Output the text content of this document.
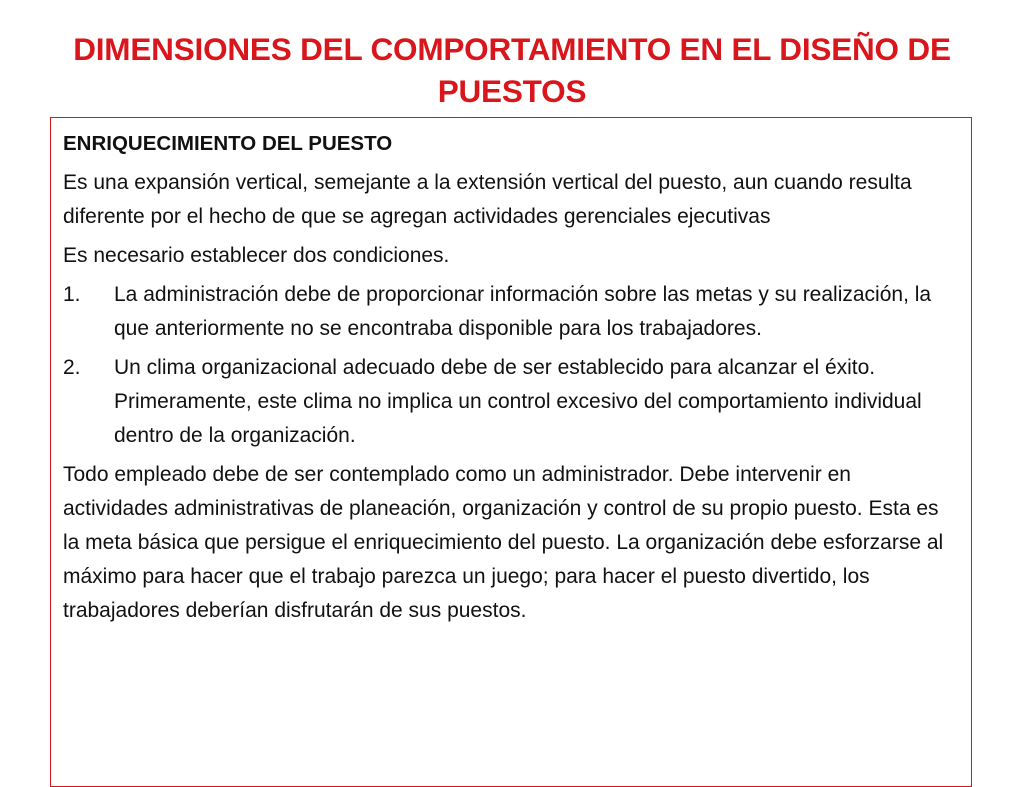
DIMENSIONES DEL COMPORTAMIENTO EN EL DISEÑO DE PUESTOS

ENRIQUECIMIENTO DEL PUESTO

Es una expansión vertical, semejante a la extensión vertical del puesto, aun cuando resulta diferente por el hecho de que se agregan actividades gerenciales ejecutivas

Es necesario establecer dos condiciones.

1.	La administración debe de proporcionar información sobre las metas y su realización, la que anteriormente no se encontraba disponible para los trabajadores.
2.	Un clima organizacional adecuado debe de ser establecido para alcanzar el éxito. Primeramente, este clima no implica un control excesivo del comportamiento individual dentro de la organización.

Todo empleado debe de ser contemplado como un administrador. Debe intervenir en actividades administrativas de planeación, organización y control de su propio puesto. Esta es la meta básica que persigue el enriquecimiento del puesto. La organización debe esforzarse al máximo para hacer que el trabajo parezca un juego; para hacer el puesto divertido, los trabajadores deberían disfrutarán de sus puestos.
